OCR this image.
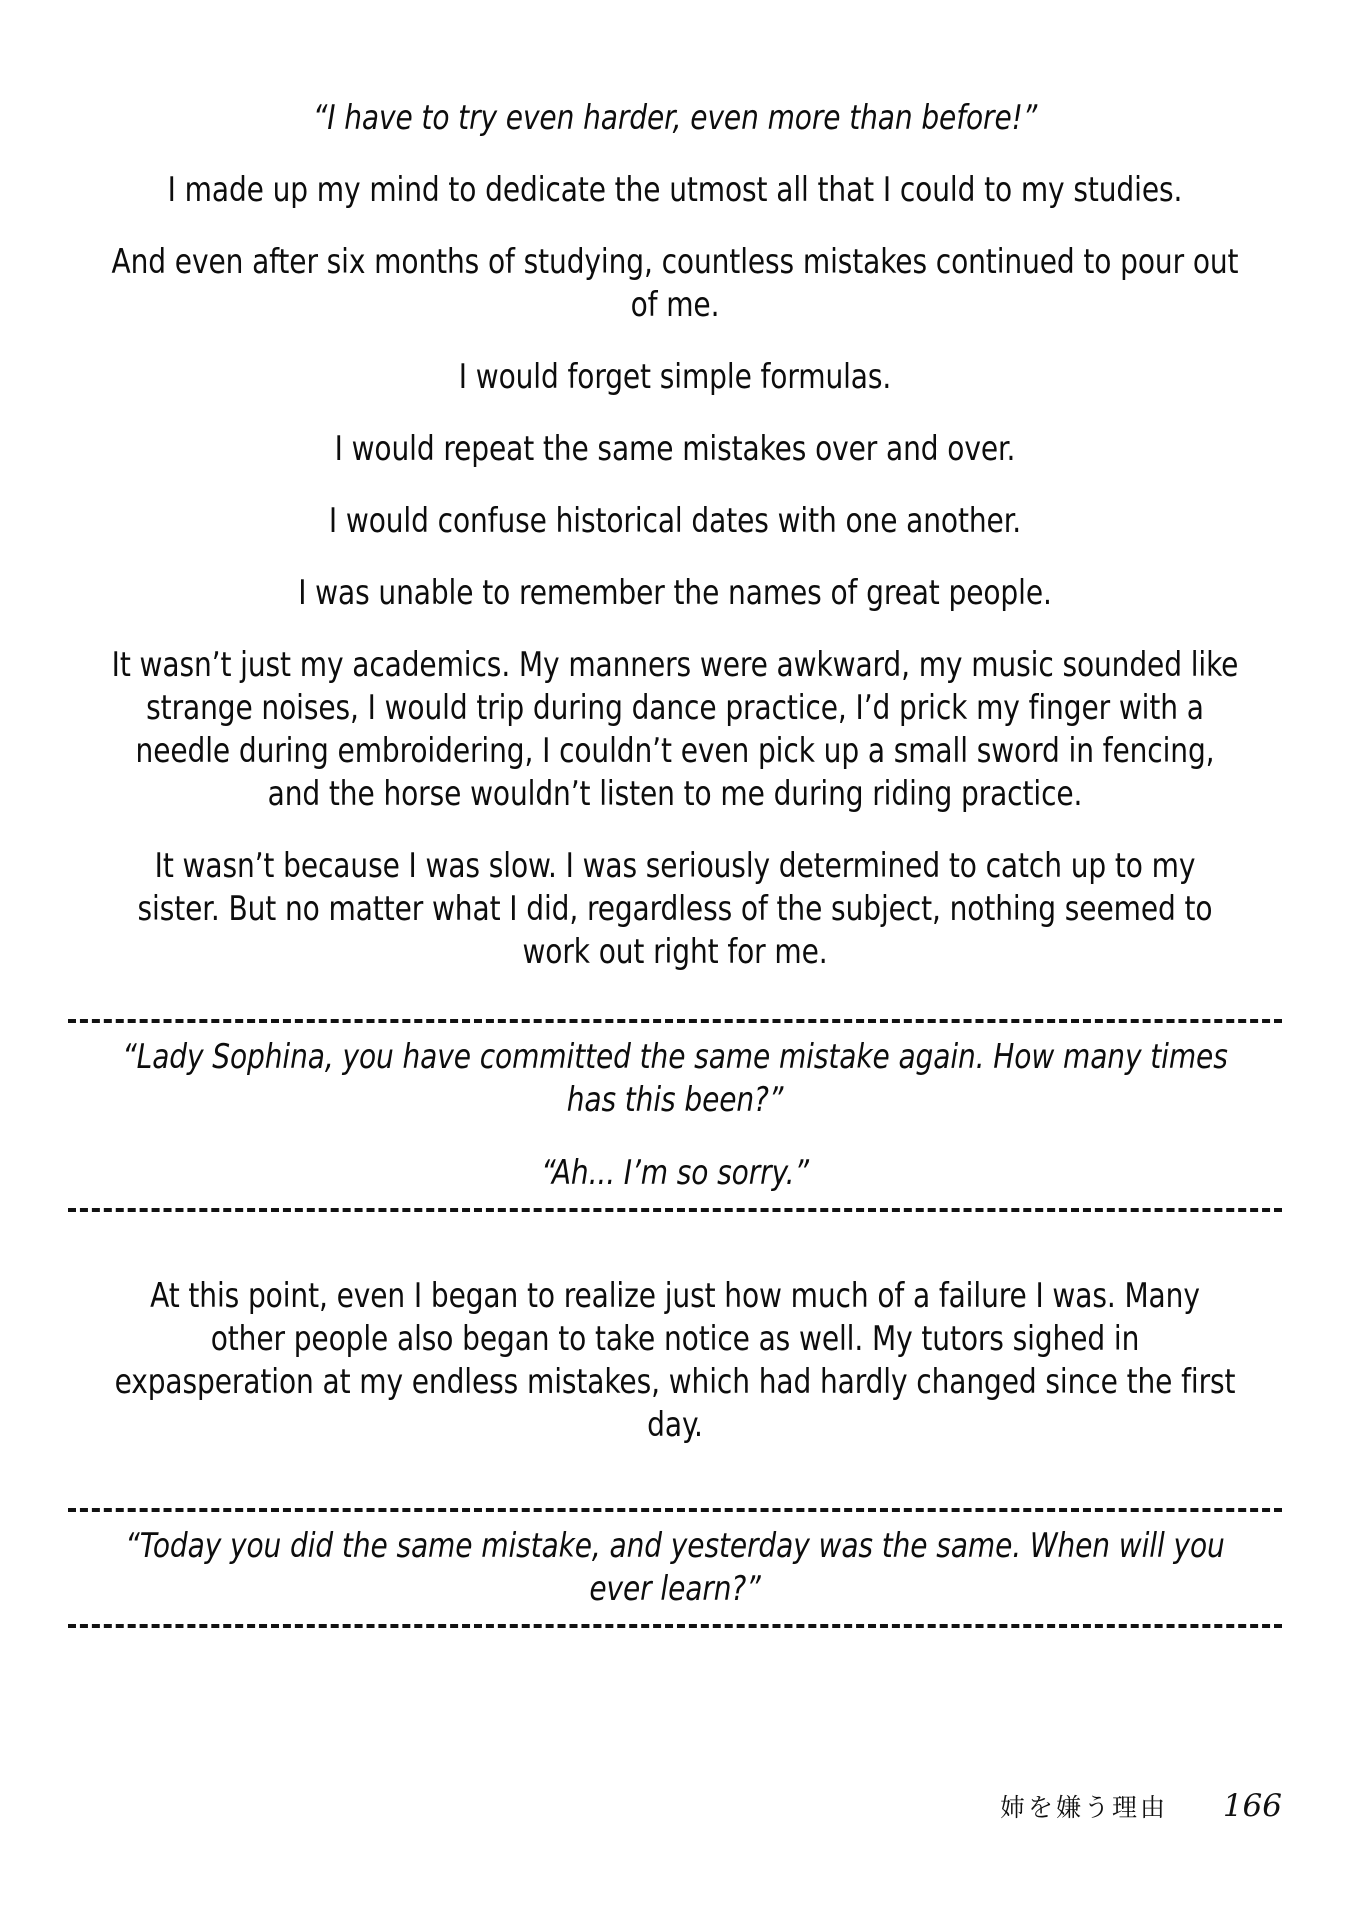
“I have to try even harder, even more than before!”

I made up my mind to dedicate the utmost all that I could to my studies.

And even after six months of studying, countless mistakes continued to pour out of me.

I would forget simple formulas.

I would repeat the same mistakes over and over.

I would confuse historical dates with one another.

I was unable to remember the names of great people.

It wasn’t just my academics. My manners were awkward, my music sounded like strange noises, I would trip during dance practice, I’d prick my finger with a needle during embroidering, I couldn’t even pick up a small sword in fencing, and the horse wouldn’t listen to me during riding practice.

It wasn’t because I was slow. I was seriously determined to catch up to my sister. But no matter what I did, regardless of the subject, nothing seemed to work out right for me.

“Lady Sophina, you have committed the same mistake again. How many times has this been?”

“Ah... I’m so sorry.”

At this point, even I began to realize just how much of a failure I was. Many other people also began to take notice as well. My tutors sighed in expasperation at my endless mistakes, which had hardly changed since the first day.

“Today you did the same mistake, and yesterday was the same. When will you ever learn?”

姉を嫌う理由 166
